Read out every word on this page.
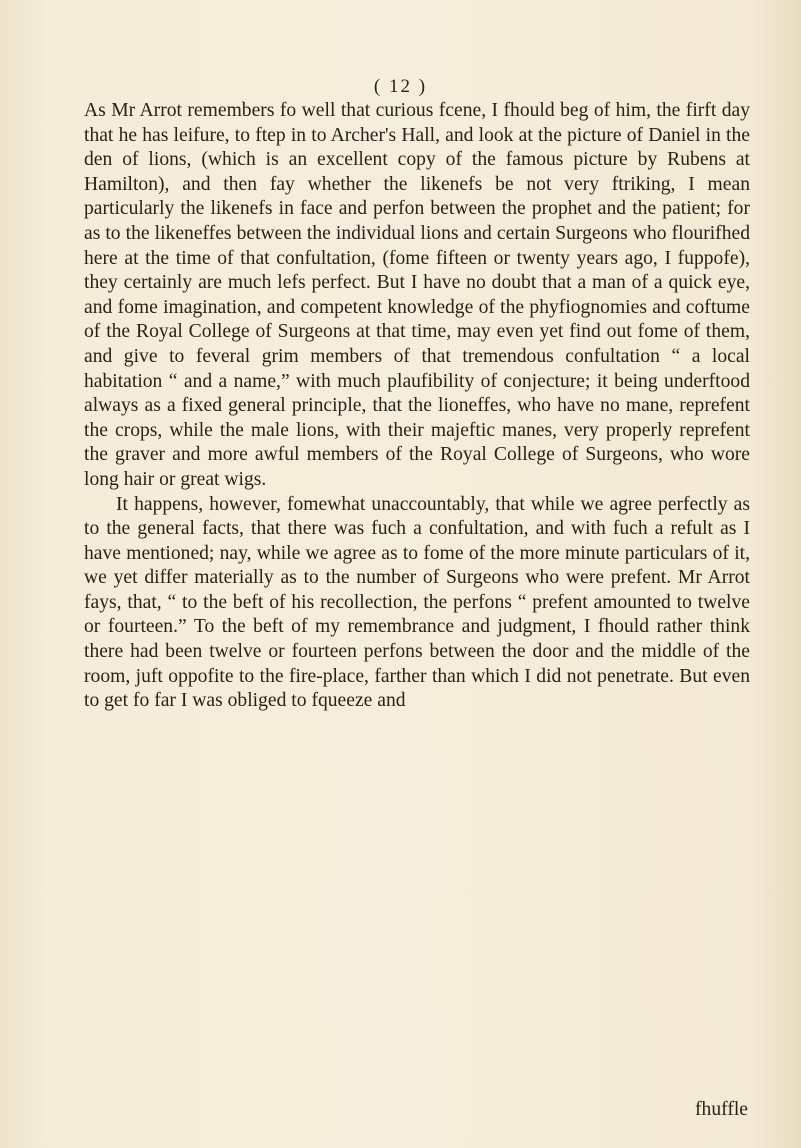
( 12 )

As Mr Arrot remembers fo well that curious fcene, I fhould beg of him, the firft day that he has leifure, to ftep in to Archer's Hall, and look at the picture of Daniel in the den of lions, (which is an excellent copy of the famous picture by Rubens at Hamilton), and then fay whether the likenefs be not very ftriking, I mean particularly the likenefs in face and perfon between the prophet and the patient; for as to the likeneffes between the individual lions and certain Surgeons who flourifhed here at the time of that confultation, (fome fifteen or twenty years ago, I fuppofe), they certainly are much lefs perfect. But I have no doubt that a man of a quick eye, and fome imagination, and competent knowledge of the phyfiognomies and coftume of the Royal College of Surgeons at that time, may even yet find out fome of them, and give to feveral grim members of that tremendous confultation “ a local habitation “ and a name,” with much plaufibility of conjecture; it being underftood always as a fixed general principle, that the lioneffes, who have no mane, reprefent the crops, while the male lions, with their majeftic manes, very properly reprefent the graver and more awful members of the Royal College of Surgeons, who wore long hair or great wigs.

It happens, however, fomewhat unaccountably, that while we agree perfectly as to the general facts, that there was fuch a confultation, and with fuch a refult as I have mentioned; nay, while we agree as to fome of the more minute particulars of it, we yet differ materially as to the number of Surgeons who were prefent. Mr Arrot fays, that, “ to the beft of his recollection, the perfons “ prefent amounted to twelve or fourteen.” To the beft of my remembrance and judgment, I fhould rather think there had been twelve or fourteen perfons between the door and the middle of the room, juft oppofite to the fire-place, farther than which I did not penetrate. But even to get fo far I was obliged to fqueeze and

fhuffle
